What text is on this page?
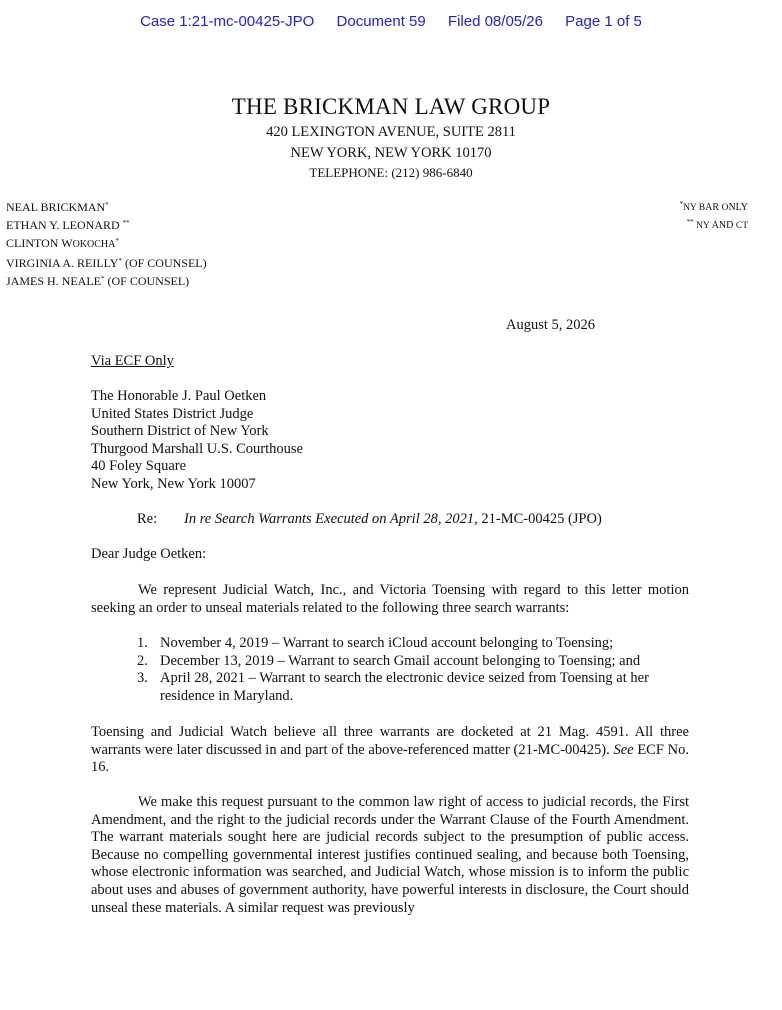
Case 1:21-mc-00425-JPO Document 59 Filed 08/05/26 Page 1 of 5
THE BRICKMAN LAW GROUP
420 LEXINGTON AVENUE, SUITE 2811
NEW YORK, NEW YORK 10170
TELEPHONE: (212) 986-6840
NEAL BRICKMAN*
ETHAN Y. LEONARD **
CLINTON WOKOCHA*
VIRGINIA A. REILLY* (OF COUNSEL)
JAMES H. NEALE* (OF COUNSEL)
*NY BAR ONLY
** NY AND CT
August 5, 2026
Via ECF Only
The Honorable J. Paul Oetken
United States District Judge
Southern District of New York
Thurgood Marshall U.S. Courthouse
40 Foley Square
New York, New York 10007
Re: In re Search Warrants Executed on April 28, 2021, 21-MC-00425 (JPO)
Dear Judge Oetken:
We represent Judicial Watch, Inc., and Victoria Toensing with regard to this letter motion seeking an order to unseal materials related to the following three search warrants:
1. November 4, 2019 – Warrant to search iCloud account belonging to Toensing;
2. December 13, 2019 – Warrant to search Gmail account belonging to Toensing; and
3. April 28, 2021 – Warrant to search the electronic device seized from Toensing at her residence in Maryland.
Toensing and Judicial Watch believe all three warrants are docketed at 21 Mag. 4591. All three warrants were later discussed in and part of the above-referenced matter (21-MC-00425). See ECF No. 16.
We make this request pursuant to the common law right of access to judicial records, the First Amendment, and the right to the judicial records under the Warrant Clause of the Fourth Amendment. The warrant materials sought here are judicial records subject to the presumption of public access. Because no compelling governmental interest justifies continued sealing, and because both Toensing, whose electronic information was searched, and Judicial Watch, whose mission is to inform the public about uses and abuses of government authority, have powerful interests in disclosure, the Court should unseal these materials. A similar request was previously
